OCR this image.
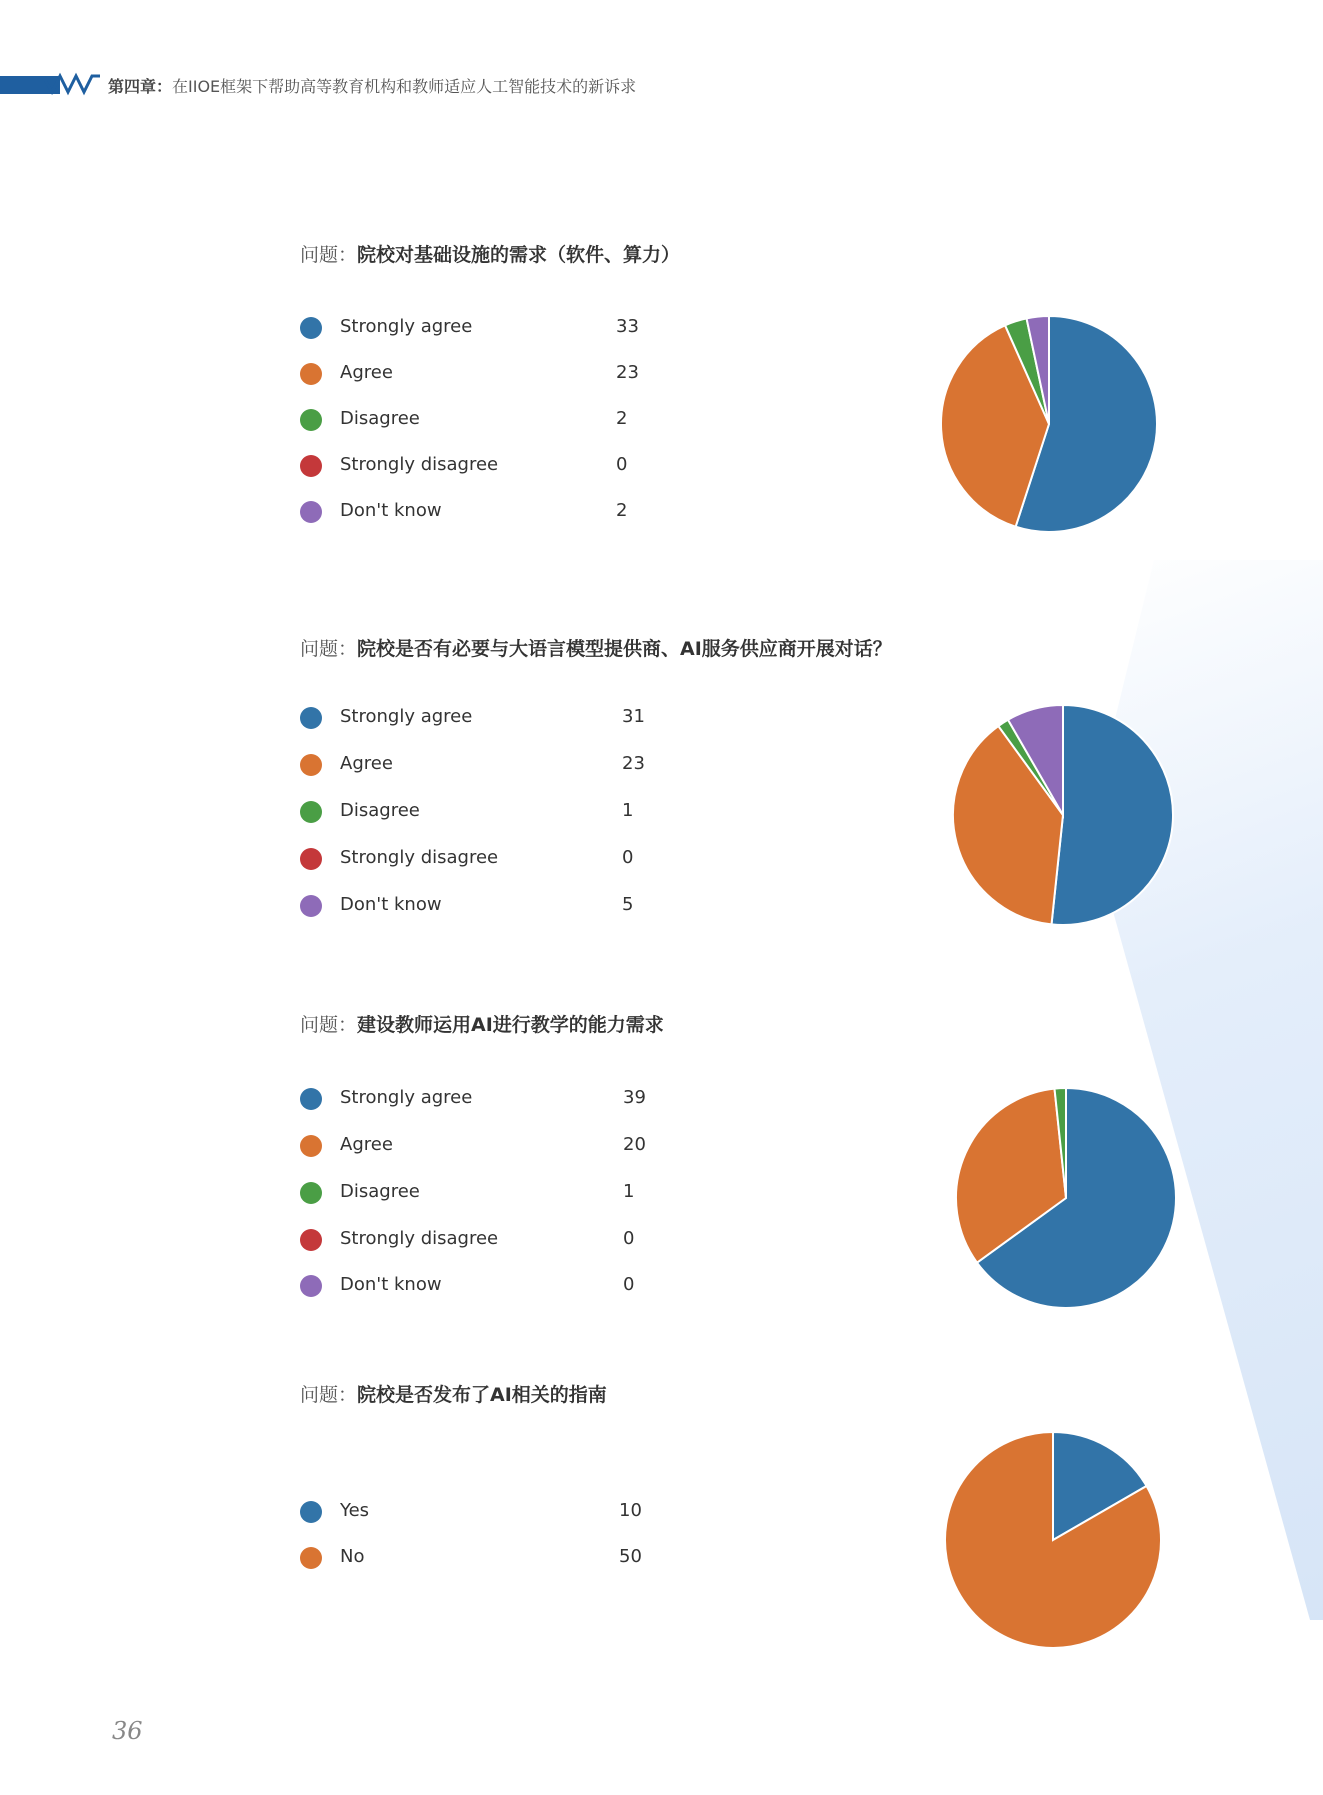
第四章：在IIOE框架下帮助高等教育机构和教师适应人工智能技术的新诉求
问题：院校对基础设施的需求（软件、算力）
Strongly agree	33
Agree	23
Disagree	2
Strongly disagree	0
Don't know	2
问题：院校是否有必要与大语言模型提供商、AI服务供应商开展对话？
Strongly agree	31
Agree	23
Disagree	1
Strongly disagree	0
Don't know	5
问题：建设教师运用AI进行教学的能力需求
Strongly agree	39
Agree	20
Disagree	1
Strongly disagree	0
Don't know	0
问题：院校是否发布了AI相关的指南
Yes	10
No	50
36
